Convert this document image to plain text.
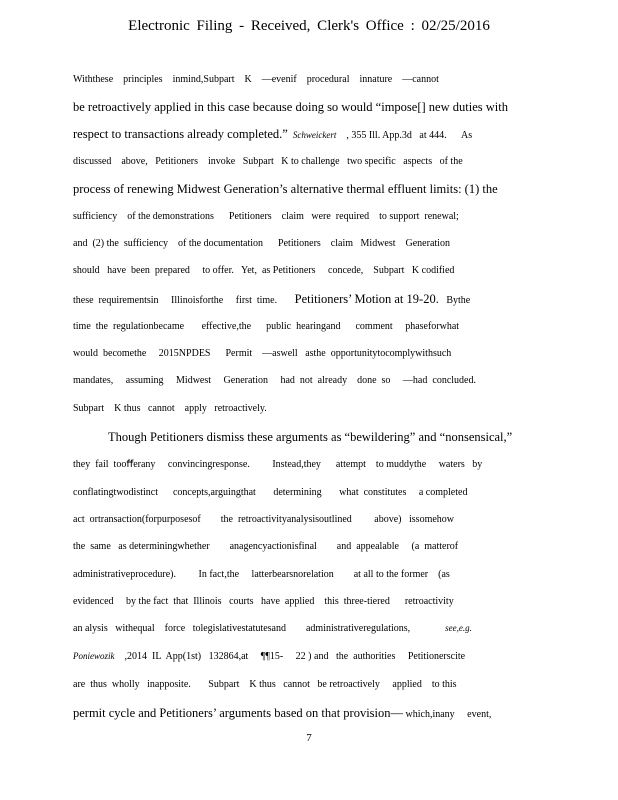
Electronic Filing - Received, Clerk's Office : 02/25/2016
Withthese    principles    inmind,Subpart    K    —evenif    procedural    innature    —cannot
be retroactively applied in this case because doing so would “impose[] new duties with
respect to transactions already completed.” Schweickert    , 355 Ill. App.3d   at 444.      As
discussed    above,   Petitioners    invoke   Subpart   K to challenge   two specific   aspects   of the
process of renewing Midwest Generation’s alternative thermal effluent limits: (1) the
sufficiency    of the demonstrations      Petitioners    claim   were  required    to support  renewal;
and  (2) the  sufficiency    of the documentation      Petitioners    claim   Midwest    Generation
should   have  been  prepared     to offer.   Yet,  as Petitioners     concede,    Subpart   K codified
these  requirementsin     Illinoisforthe     first  time.       Petitioners’ Motion at 19-20.   Bythe
time  the  regulationbecame       effective,the      public  hearingand      comment     phaseforwhat
would  becomethe     2015NPDES      Permit    —aswell   asthe  opportunitytocomplywithsuch
mandates,     assuming     Midwest     Generation     had  not  already    done  so     —had  concluded.
Subpart    K thus   cannot    apply   retroactively.
Though Petitioners dismiss these arguments as “bewildering” and “nonsensical,”
they  fail  tooﬀerany     convincingresponse.         Instead,they      attempt    to muddythe     waters   by
conflatingtwodistinct      concepts,arguingthat       determining       what  constitutes     a completed
act  ortransaction(forpurposesof        the  retroactivityanalysisoutlined         above)   issomehow
the  same   as determiningwhether        anagencyactionisfinal        and  appealable     (a  matterof
administrativeprocedure).         In fact,the     latterbearsnorelation        at all to the former    (as
evidenced     by the fact  that  Illinois   courts   have  applied    this  three-tiered      retroactivity
an alysis   withequal    force   tolegislativestatutesand        administrativeregulations,              see,e.g.
Poniewozik    ,2014  IL  App(1st)   132864,at     ¶¶15-     22 ) and   the  authorities     Petitionerscite
are  thus  wholly   inapposite.       Subpart    K thus   cannot   be retroactively     applied    to this
permit cycle and Petitioners’ arguments based on that provision— which,inany     event,
7
